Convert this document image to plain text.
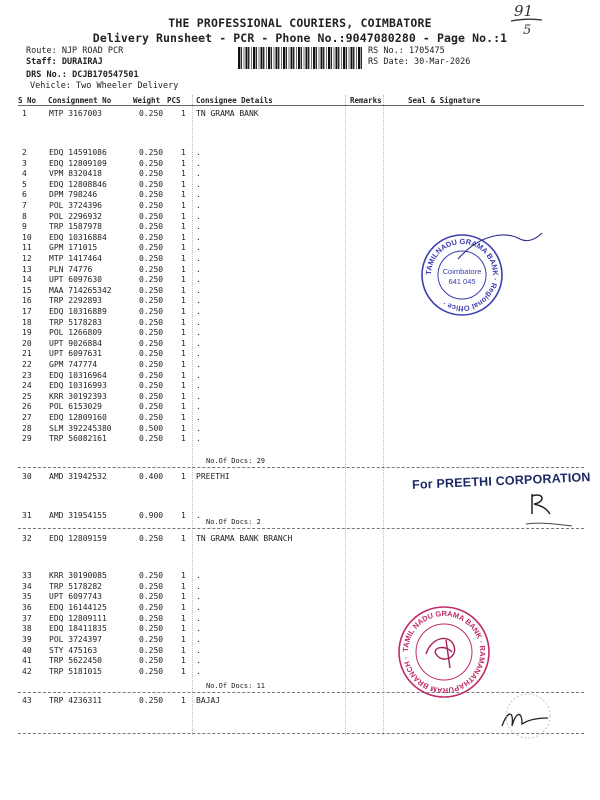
91
5
THE PROFESSIONAL COURIERS, COIMBATORE
Delivery Runsheet - PCR - Phone No.:9047080280 - Page No.:1
Route: NJP ROAD PCR
Staff: DURAIRAJ
DRS No.: DCJB170547501
Vehicle: Two Wheeler Delivery
RS No.: 1705475
RS Date: 30-Mar-2026
S No Consignment No	Weight PCS Consignee Details	Remarks	Seal & Signature
1	MTP 3167003	0.250 1 TN GRAMA BANK
2	EDQ 14591086	0.250 1 .
3	EDQ 12809109	0.250 1 .
4	VPM 8320418	0.250 1 .
5	EDQ 12808846	0.250 1 .
6	DPM 798246	0.250 1 .
7	POL 3724396	0.250 1 .
8	POL 2296932	0.250 1 .
9	TRP 1587978	0.250 1 .
10 EDQ 10316884	0.250 1 .
11 GPM 171015	0.250 1 .
12 MTP 1417464	0.250 1 .
13 PLN 74776	0.250 1 .
14 UPT 6097630	0.250 1 .
15 MAA 714265342	0.250 1 .
16 TRP 2292893	0.250 1 .
17 EDQ 10316889	0.250 1 .
18 TRP 5178283	0.250 1 .
19 POL 1266809	0.250 1 .
20 UPT 9026884	0.250 1 .
21 UPT 6097631	0.250 1 .
22 GPM 747774	0.250 1 .
23 EDQ 10316964	0.250 1 .
24 EDQ 10316993	0.250 1 .
25 KRR 30192393	0.250 1 .
26 POL 6153029	0.250 1 .
27 EDQ 12809160	0.250 1 .
28 SLM 392245380	0.500 1 .
29 TRP 56082161	0.250 1 .
No.Of Docs: 29
30 AMD 31942532	0.400 1 PREETHI
31 AMD 31954155	0.900 1 .
No.Of Docs: 2
32 EDQ 12809159	0.250 1 TN GRAMA BANK BRANCH
33 KRR 30190085	0.250 1 .
34 TRP 5178282	0.250 1 .
35 UPT 6097743	0.250 1 .
36 EDQ 16144125	0.250 1 .
37 EDQ 12809111	0.250 1 .
38 EDQ 18411835	0.250 1 .
39 POL 3724397	0.250 1 .
40 STY 475163	0.250 1 .
41 TRP 5622450	0.250 1 .
42 TRP 5181015	0.250 1 .
No.Of Docs: 11
43 TRP 4236311	0.250 1 BAJAJ
TAMILNADU GRAMA BANK · Regional Office ·
Coimbatore
641 045
For PREETHI CORPORATION
TAMIL NADU GRAMA BANK · RAMANATHAPURAM BRANCH ·
